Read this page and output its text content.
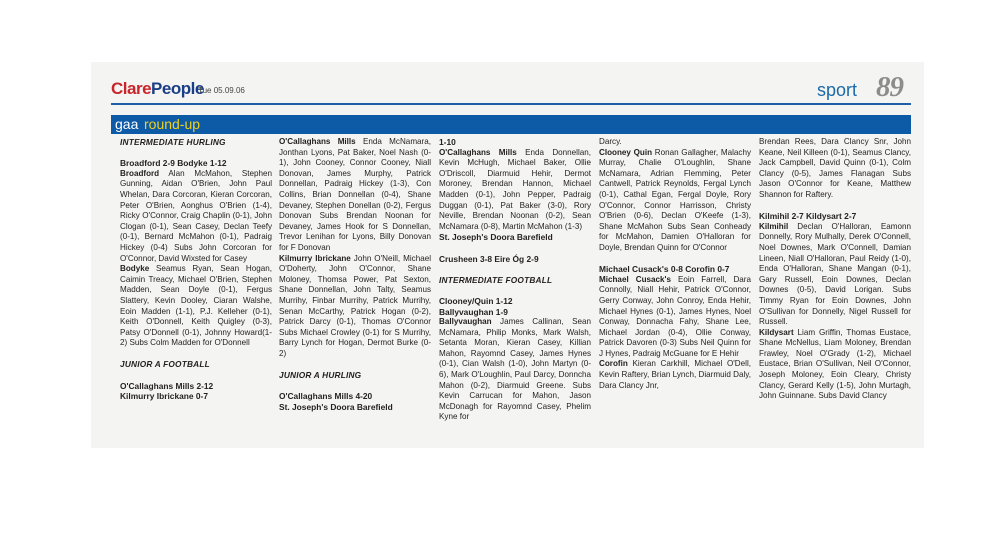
ClarePeople
Tue 05.09.06	sport 89
gaa round-up

INTERMEDIATE HURLING

Broadford 2-9 Bodyke 1-12

Broadford Alan McMahon, Stephen Gunning, Aidan O'Brien, John Paul Whelan, Dara Corcoran, Kieran Corcoran, Peter O'Brien, Aonghus O'Brien (1-4), Ricky O'Connor, Craig Chaplin (0-1), John Clogan (0-1), Sean Casey, Declan Teefy (0-1), Bernard McMahon (0-1), Padraig Hickey (0-4) Subs John Corcoran for O'Connor, David Wixsted for Casey

Bodyke Seamus Ryan, Sean Hogan, Caimin Treacy, Michael O'Brien, Stephen Madden, Sean Doyle (0-1), Fergus Slattery, Kevin Dooley, Ciaran Walshe, Eoin Madden (1-1), P.J. Kelleher (0-1), Keith O'Donnell, Keith Quigley (0-3), Patsy O'Donnell (0-1), Johnny Howard(1-2) Subs Colm Madden for O'Donnell

JUNIOR A FOOTBALL

O'Callaghans Mills 2-12

Kilmurry Ibrickane 0-7

O'Callaghans Mills Enda McNamara, Jonthan Lyons, Pat Baker, Noel Nash (0-1), John Cooney, Connor Cooney, Niall Donovan, James Murphy, Patrick Donnellan, Padraig Hickey (1-3), Con Collins, Brian Donnellan (0-4), Shane Devaney, Stephen Donellan (0-2), Fergus Donovan Subs Brendan Noonan for Devaney, James Hook for S Donnellan, Trevor Lenihan for Lyons, Billy Donovan for F Donovan

Kilmurry Ibrickane John O'Neill, Michael O'Doherty, John O'Connor, Shane Moloney, Thomsa Power, Pat Sexton, Shane Donnellan, John Talty, Seamus Murrihy, Finbar Murrihy, Patrick Murrihy, Senan McCarthy, Patrick Hogan (0-2), Patrick Darcy (0-1), Thomas O'Connor Subs Michael Crowley (0-1) for S Murrihy, Barry Lynch for Hogan, Dermot Burke (0-2)

JUNIOR A HURLING

O'Callaghans Mills 4-20

St. Joseph's Doora Barefield

1-10

O'Callaghans Mills Enda Donnellan, Kevin McHugh, Michael Baker, Ollie O'Driscoll, Diarmuid Hehir, Dermot Moroney, Brendan Hannon, Michael Madden (0-1), John Pepper, Padraig Duggan (0-1), Pat Baker (3-0), Rory Neville, Brendan Noonan (0-2), Sean McNamara (0-8), Martin McMahon (1-3)

St. Joseph's Doora Barefield

Crusheen 3-8 Eire Óg 2-9

INTERMEDIATE FOOTBALL

Clooney/Quin 1-12

Ballyvaughan 1-9

Ballyvaughan James Callinan, Sean McNamara, Philip Monks, Mark Walsh, Setanta Moran, Kieran Casey, Killian Mahon, Rayomnd Casey, James Hynes (0-1), Cian Walsh (1-0), John Martyn (0-6), Mark O'Loughlin, Paul Darcy, Donncha Mahon (0-2), Diarmuid Greene. Subs Kevin Carrucan for Mahon, Jason McDonagh for Rayomnd Casey, Phelim Kyne for

Darcy.

Clooney Quin Ronan Gallagher, Malachy Murray, Chalie O'Loughlin, Shane McNamara, Adrian Flemming, Peter Cantwell, Patrick Reynolds, Fergal Lynch (0-1), Cathal Egan, Fergal Doyle, Rory O'Connor, Connor Harrisson, Christy O'Brien (0-6), Declan O'Keefe (1-3), Shane McMahon Subs Sean Conheady for McMahon, Damien O'Halloran for Doyle, Brendan Quinn for O'Connor

Michael Cusack's 0-8 Corofin 0-7

Michael Cusack's Eoin Farrell, Dara Connolly, Niall Hehir, Patrick O'Connor, Gerry Conway, John Conroy, Enda Hehir, Michael Hynes (0-1), James Hynes, Noel Conway, Donnacha Fahy, Shane Lee, Michael Jordan (0-4), Ollie Conway, Patrick Davoren (0-3) Subs Neil Quinn for J Hynes, Padraig McGuane for E Hehir

Corofin Kieran Carkhill, Michael O'Dell, Kevin Raftery, Brian Lynch, Diarmuid Daly, Dara Clancy Jnr,

Brendan Rees, Dara Clancy Snr, John Keane, Neil Killeen (0-1), Seamus Clancy, Jack Campbell, David Quinn (0-1), Colm Clancy (0-5), James Flanagan Subs Jason O'Connor for Keane, Matthew Shannon for Raftery.

Kilmihil 2-7 Kildysart 2-7

Kilmihil Declan O'Halloran, Eamonn Donnelly, Rory Mulhally, Derek O'Connell, Noel Downes, Mark O'Connell, Damian Lineen, Niall O'Halloran, Paul Reidy (1-0), Enda O'Halloran, Shane Mangan (0-1), Gary Russell, Eoin Downes, Declan Downes (0-5), David Lorigan. Subs Timmy Ryan for Eoin Downes, John O'Sullivan for Donnelly, Nigel Russell for Russell.

Kildysart Liam Griffin, Thomas Eustace, Shane McNellus, Liam Moloney, Brendan Frawley, Noel O'Grady (1-2), Michael Eustace, Brian O'Sullivan, Neil O'Connor, Joseph Moloney, Eoin Cleary, Christy Clancy, Gerard Kelly (1-5), John Murtagh, John Guinnane. Subs David Clancy
